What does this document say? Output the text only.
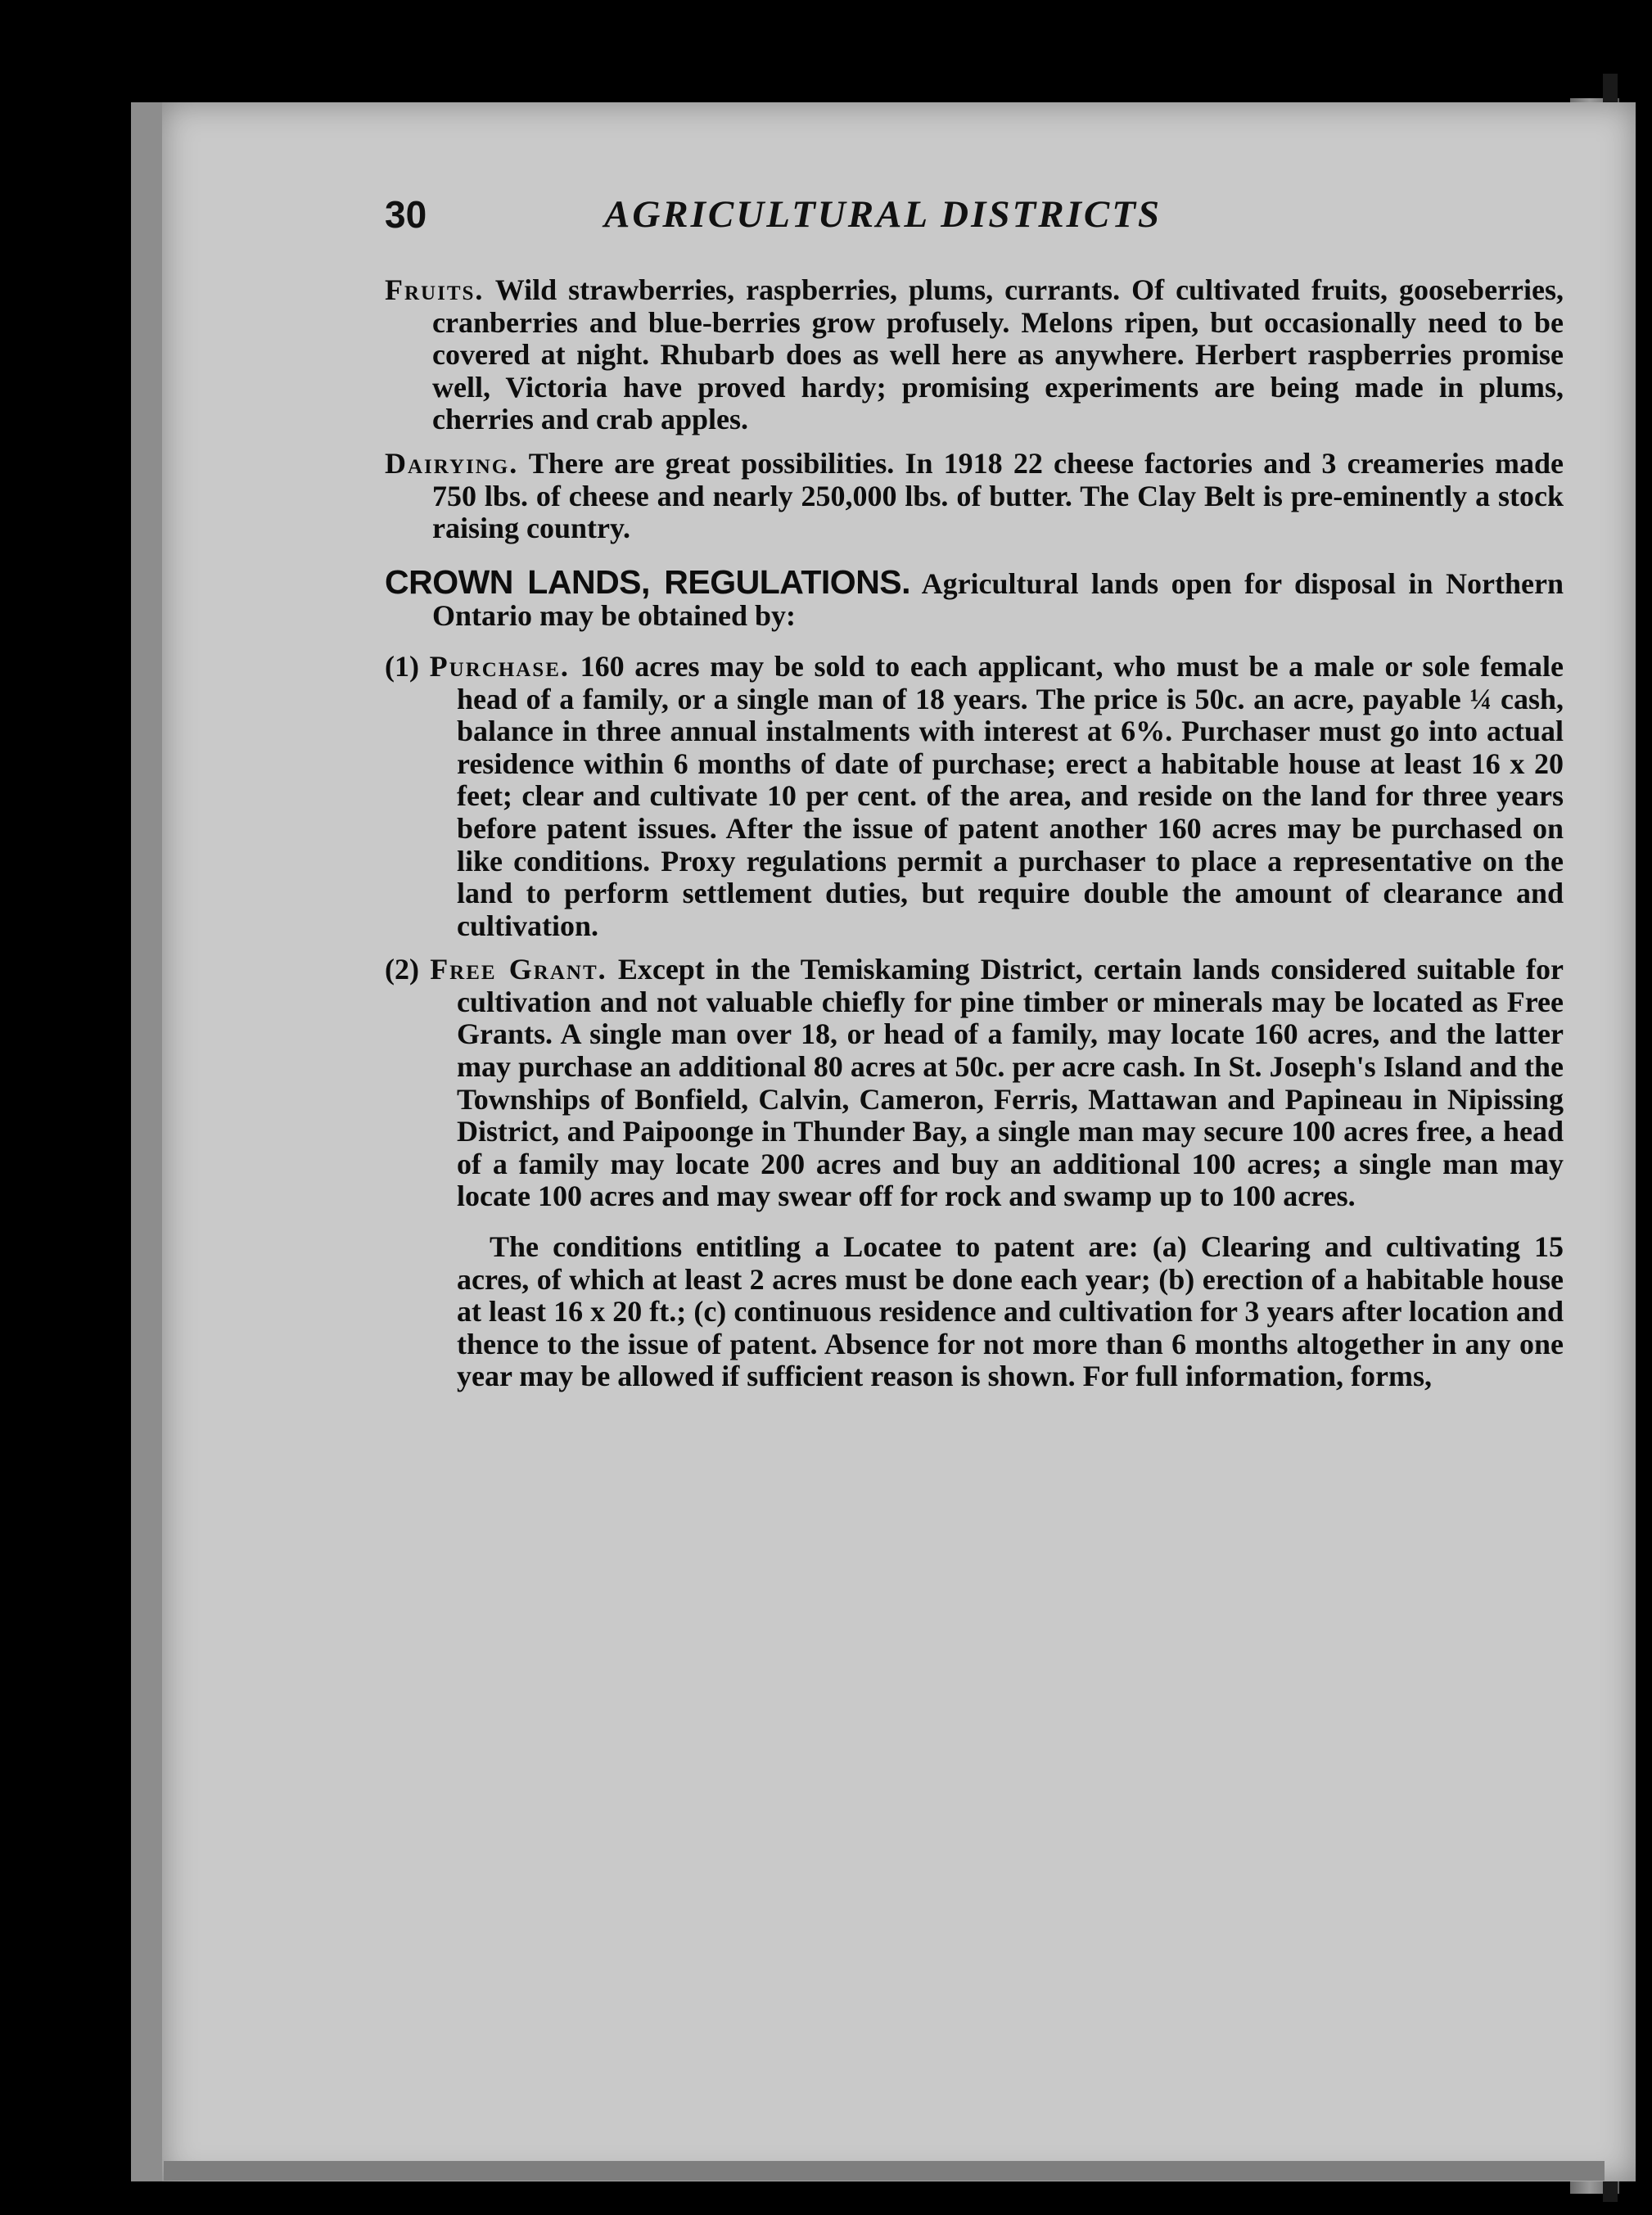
30	AGRICULTURAL DISTRICTS

Fruits. Wild strawberries, raspberries, plums, currants. Of cultivated fruits, gooseberries, cranberries and blue-berries grow profusely. Melons ripen, but occasionally need to be covered at night. Rhubarb does as well here as anywhere. Herbert raspberries promise well, Victoria have proved hardy; promising experiments are being made in plums, cherries and crab apples.

Dairying. There are great possibilities. In 1918 22 cheese factories and 3 creameries made 750 lbs. of cheese and nearly 250,000 lbs. of butter. The Clay Belt is pre-eminently a stock raising country.

CROWN LANDS, REGULATIONS. Agricultural lands open for disposal in Northern Ontario may be obtained by:

(1) Purchase. 160 acres may be sold to each applicant, who must be a male or sole female head of a family, or a single man of 18 years. The price is 50c. an acre, payable ¼ cash, balance in three annual instalments with interest at 6%. Purchaser must go into actual residence within 6 months of date of purchase; erect a habitable house at least 16 x 20 feet; clear and cultivate 10 per cent. of the area, and reside on the land for three years before patent issues. After the issue of patent another 160 acres may be purchased on like conditions. Proxy regulations permit a purchaser to place a representative on the land to perform settlement duties, but require double the amount of clearance and cultivation.

(2) Free Grant. Except in the Temiskaming District, certain lands considered suitable for cultivation and not valuable chiefly for pine timber or minerals may be located as Free Grants. A single man over 18, or head of a family, may locate 160 acres, and the latter may purchase an additional 80 acres at 50c. per acre cash. In St. Joseph's Island and the Townships of Bonfield, Calvin, Cameron, Ferris, Mattawan and Papineau in Nipissing District, and Paipoonge in Thunder Bay, a single man may secure 100 acres free, a head of a family may locate 200 acres and buy an additional 100 acres; a single man may locate 100 acres and may swear off for rock and swamp up to 100 acres.

The conditions entitling a Locatee to patent are: (a) Clearing and cultivating 15 acres, of which at least 2 acres must be done each year; (b) erection of a habitable house at least 16 x 20 ft.; (c) continuous residence and cultivation for 3 years after location and thence to the issue of patent. Absence for not more than 6 months altogether in any one year may be allowed if sufficient reason is shown. For full information, forms,
